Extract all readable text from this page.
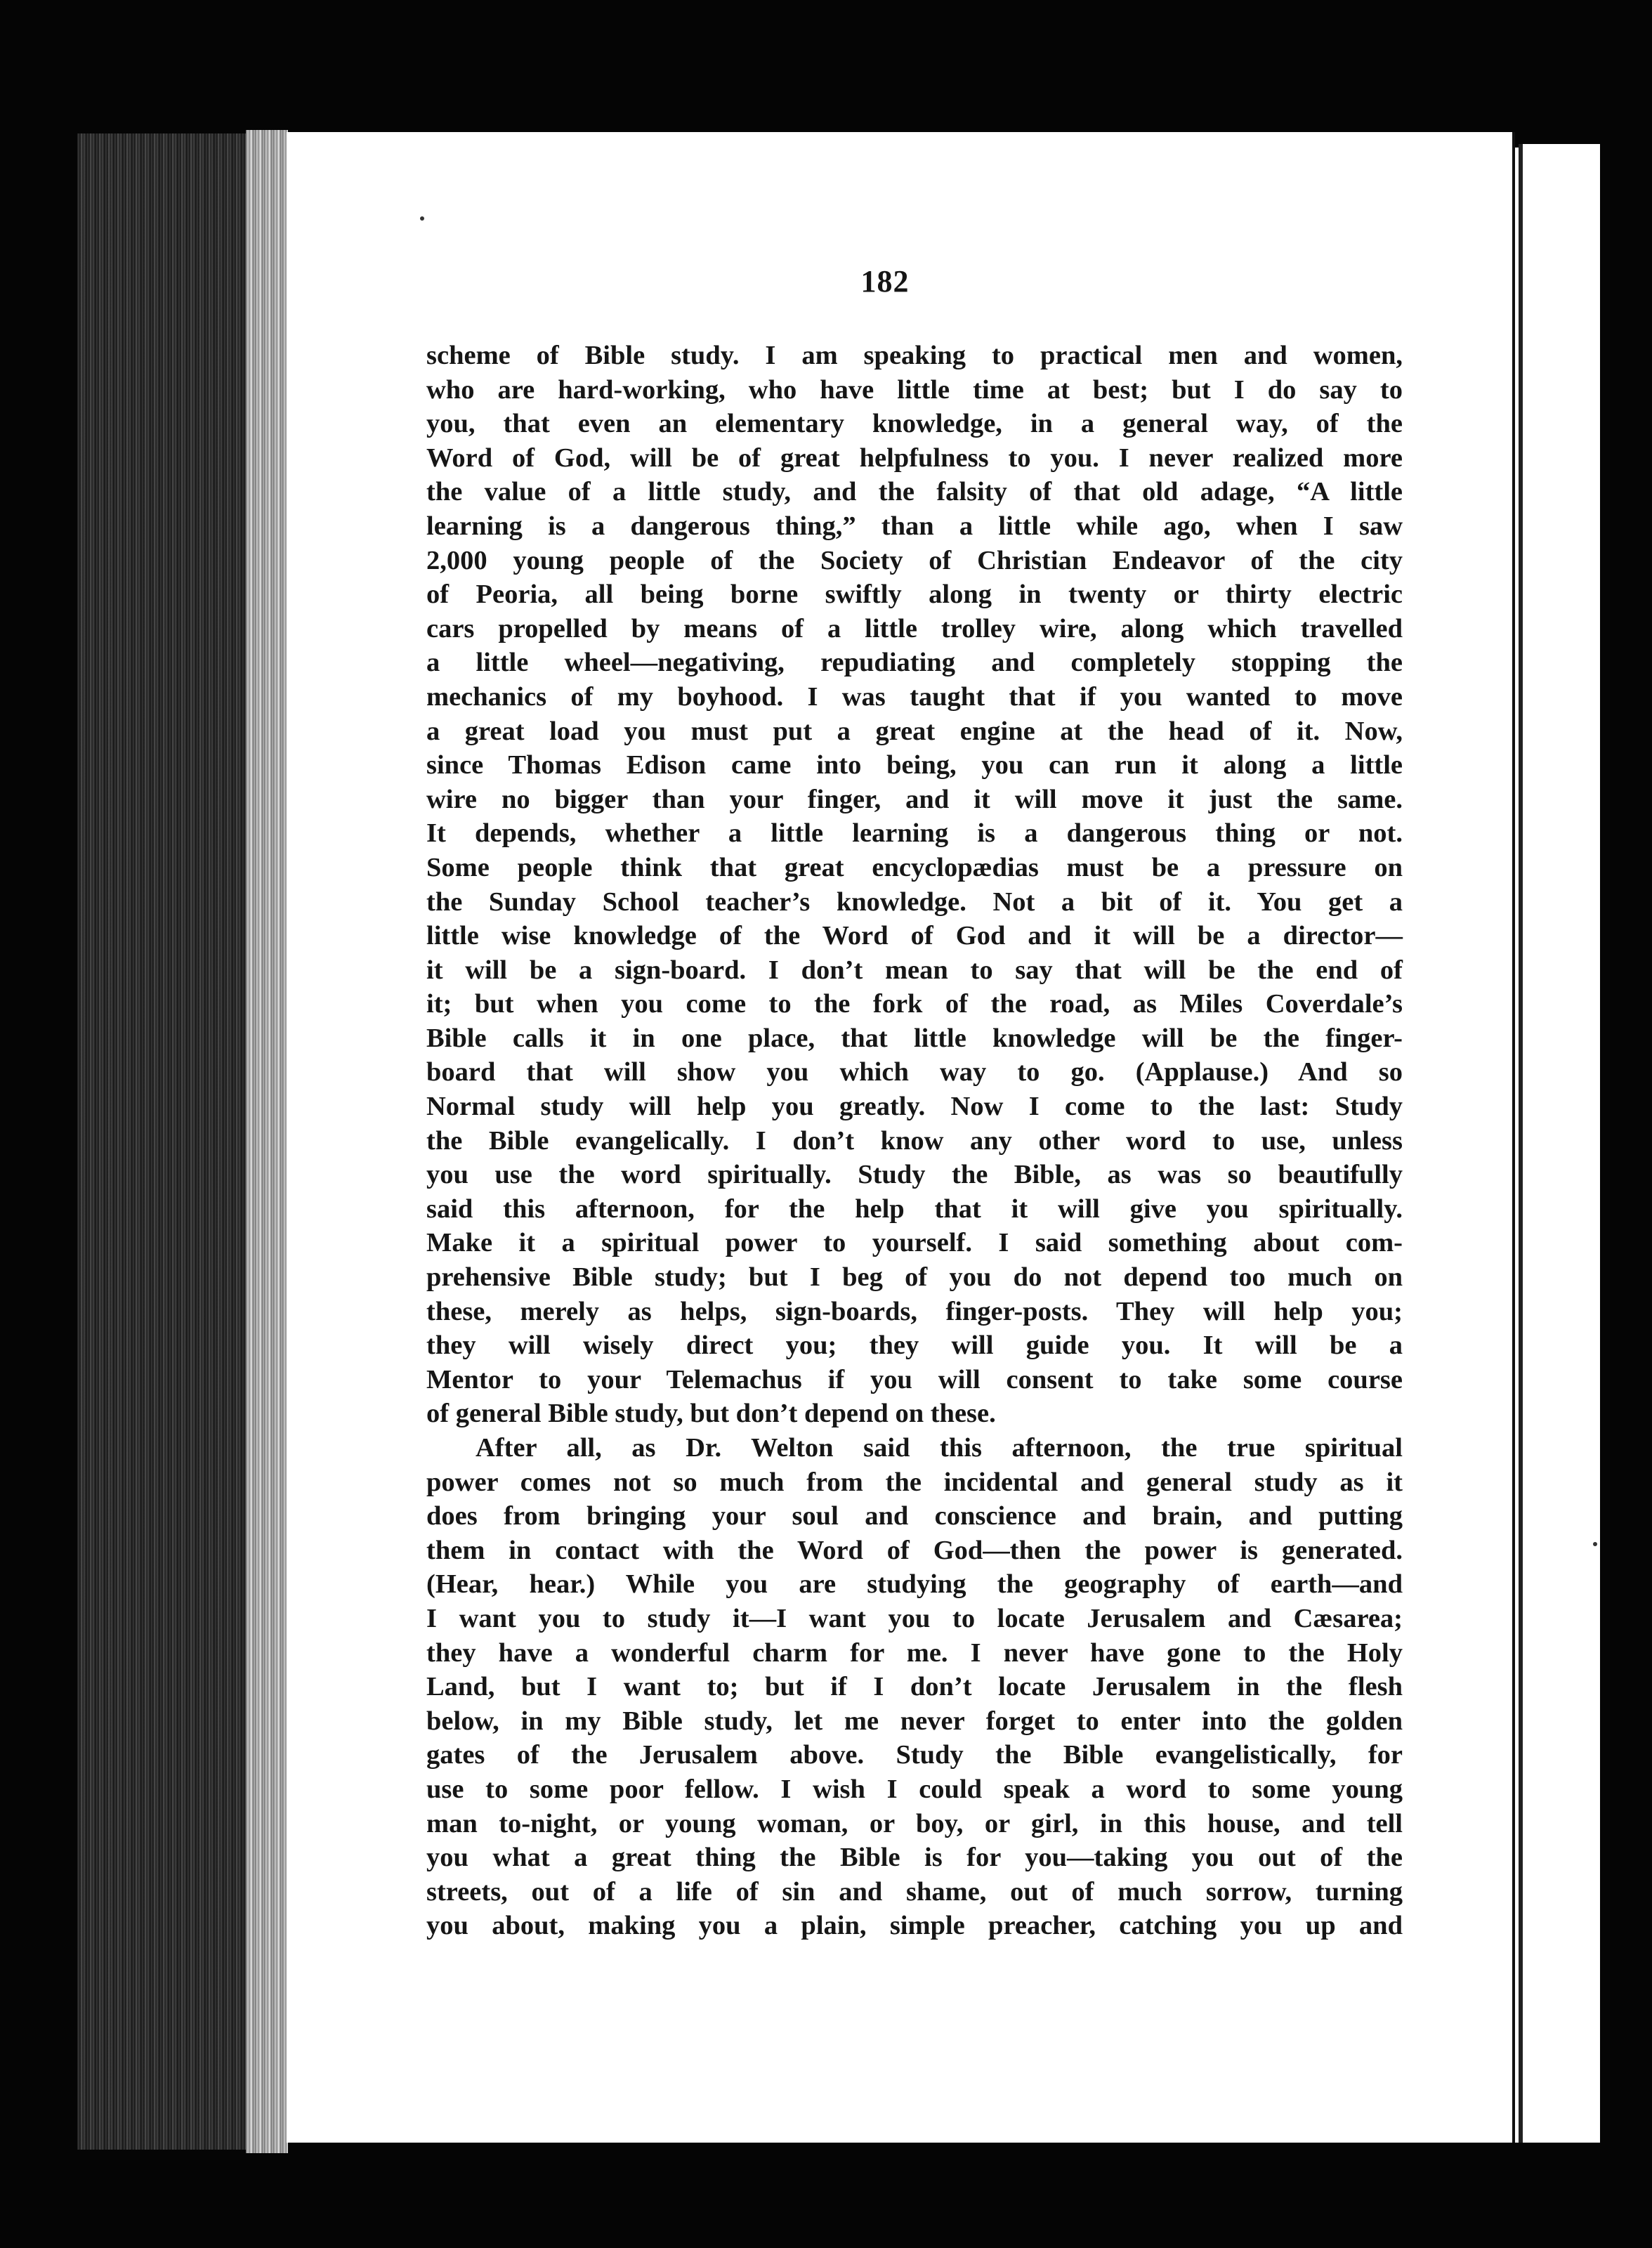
182
scheme of Bible study. I am speaking to practical men and women,
who are hard-working, who have little time at best; but I do say to
you, that even an elementary knowledge, in a general way, of the
Word of God, will be of great helpfulness to you. I never realized more
the value of a little study, and the falsity of that old adage, “A little
learning is a dangerous thing,” than a little while ago, when I saw
2,000 young people of the Society of Christian Endeavor of the city
of Peoria, all being borne swiftly along in twenty or thirty electric
cars propelled by means of a little trolley wire, along which travelled
a little wheel—negativing, repudiating and completely stopping the
mechanics of my boyhood. I was taught that if you wanted to move
a great load you must put a great engine at the head of it. Now,
since Thomas Edison came into being, you can run it along a little
wire no bigger than your finger, and it will move it just the same.
It depends, whether a little learning is a dangerous thing or not.
Some people think that great encyclopædias must be a pressure on
the Sunday School teacher’s knowledge. Not a bit of it. You get a
little wise knowledge of the Word of God and it will be a director—
it will be a sign-board. I don’t mean to say that will be the end of
it; but when you come to the fork of the road, as Miles Coverdale’s
Bible calls it in one place, that little knowledge will be the finger-
board that will show you which way to go. (Applause.) And so
Normal study will help you greatly. Now I come to the last: Study
the Bible evangelically. I don’t know any other word to use, unless
you use the word spiritually. Study the Bible, as was so beautifully
said this afternoon, for the help that it will give you spiritually.
Make it a spiritual power to yourself. I said something about com-
prehensive Bible study; but I beg of you do not depend too much on
these, merely as helps, sign-boards, finger-posts. They will help you;
they will wisely direct you; they will guide you. It will be a
Mentor to your Telemachus if you will consent to take some course
of general Bible study, but don’t depend on these.
After all, as Dr. Welton said this afternoon, the true spiritual
power comes not so much from the incidental and general study as it
does from bringing your soul and conscience and brain, and putting
them in contact with the Word of God—then the power is generated.
(Hear, hear.) While you are studying the geography of earth—and
I want you to study it—I want you to locate Jerusalem and Cæsarea;
they have a wonderful charm for me. I never have gone to the Holy
Land, but I want to; but if I don’t locate Jerusalem in the flesh
below, in my Bible study, let me never forget to enter into the golden
gates of the Jerusalem above. Study the Bible evangelistically, for
use to some poor fellow. I wish I could speak a word to some young
man to-night, or young woman, or boy, or girl, in this house, and tell
you what a great thing the Bible is for you—taking you out of the
streets, out of a life of sin and shame, out of much sorrow, turning
you about, making you a plain, simple preacher, catching you up and
